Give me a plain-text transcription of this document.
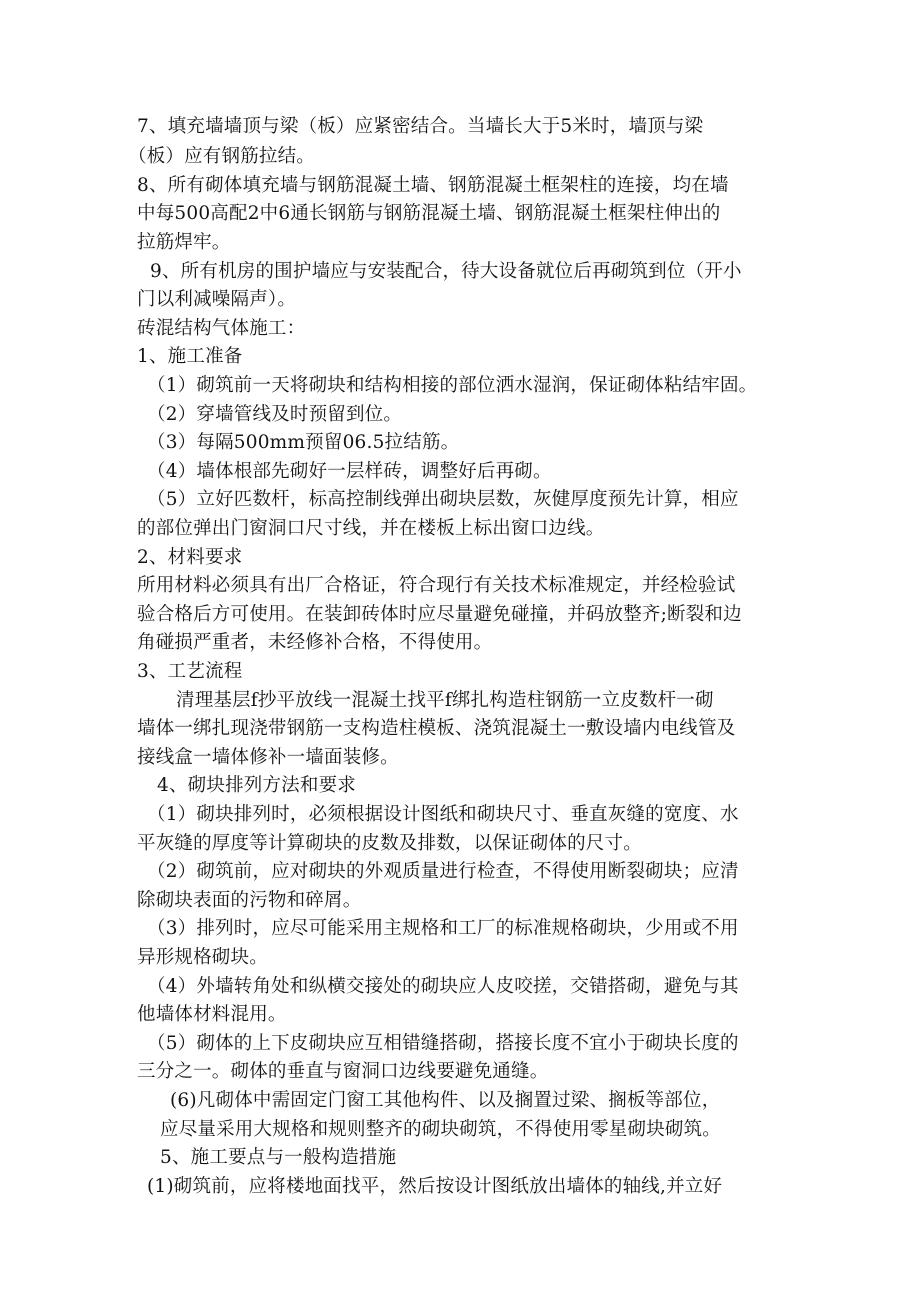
7、填充墙墙顶与梁（板）应紧密结合。当墙长大于5米时，墙顶与梁

（板）应有钢筋拉结。

8、所有砌体填充墙与钢筋混凝土墙、钢筋混凝土框架柱的连接，均在墙

中每500高配2中6通长钢筋与钢筋混凝土墙、钢筋混凝土框架柱伸出的

拉筋焊牢。

9、所有机房的围护墙应与安装配合，待大设备就位后再砌筑到位（开小

门以利减噪隔声）。

砖混结构气体施工：

1、施工准备

（1）砌筑前一天将砌块和结构相接的部位洒水湿润，保证砌体粘结牢固。

（2）穿墙管线及时预留到位。

（3）每隔500mm预留06.5拉结筋。

（4）墙体根部先砌好一层样砖，调整好后再砌。

（5）立好匹数杆，标高控制线弹出砌块层数，灰健厚度预先计算，相应

的部位弹出门窗洞口尺寸线，并在楼板上标出窗口边线。

2、材料要求

所用材料必须具有出厂合格证，符合现行有关技术标准规定，并经检验试

验合格后方可使用。在装卸砖体时应尽量避免碰撞，并码放整齐;断裂和边

角碰损严重者，未经修补合格，不得使用。

3、工艺流程

清理基层f抄平放线一混凝土找平f绑扎构造柱钢筋一立皮数杆一砌

墙体一绑扎现浇带钢筋一支构造柱模板、浇筑混凝土一敷设墙内电线管及

接线盒一墙体修补一墙面装修。

4、砌块排列方法和要求

（1）砌块排列时，必须根据设计图纸和砌块尺寸、垂直灰缝的宽度、水

平灰缝的厚度等计算砌块的皮数及排数，以保证砌体的尺寸。

（2）砌筑前，应对砌块的外观质量进行检查，不得使用断裂砌块；应清

除砌块表面的污物和碎屑。

（3）排列时，应尽可能采用主规格和工厂的标准规格砌块，少用或不用

异形规格砌块。

（4）外墙转角处和纵横交接处的砌块应人皮咬搓，交错搭砌，避免与其

他墙体材料混用。

（5）砌体的上下皮砌块应互相错缝搭砌，搭接长度不宜小于砌块长度的

三分之一。砌体的垂直与窗洞口边线要避免通缝。

(6)凡砌体中需固定门窗工其他构件、以及搁置过梁、搁板等部位，

应尽量采用大规格和规则整齐的砌块砌筑，不得使用零星砌块砌筑。

5、施工要点与一般构造措施

(1)砌筑前，应将楼地面找平，然后按设计图纸放出墙体的轴线,并立好
